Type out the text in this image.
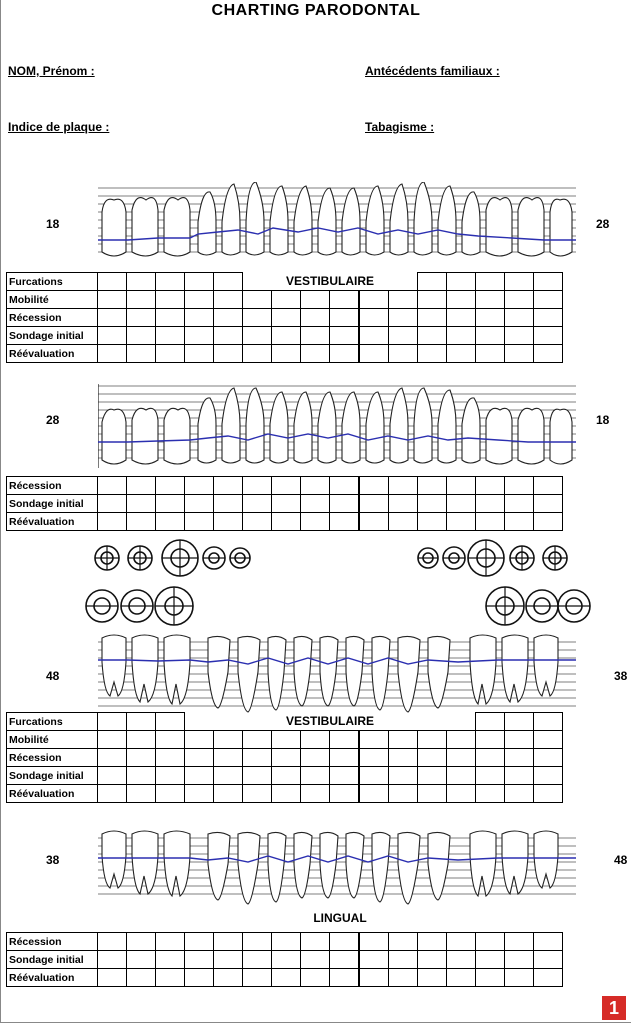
CHARTING PARODONTAL
NOM, Prénom :	Antécédents familiaux :
Indice de plaque :	Tabagisme :
18	28
Furcations						VESTIBULAIRE										
Mobilité																
Récession																
Sondage initial																
Réévaluation																
28	18
Récession																
Sondage initial																
Réévaluation																
48	38
Furcations				VESTIBULAIRE												
Mobilité																
Récession																
Sondage initial																
Réévaluation																
38	48
LINGUAL
Récession																
Sondage initial																
Réévaluation																
1
